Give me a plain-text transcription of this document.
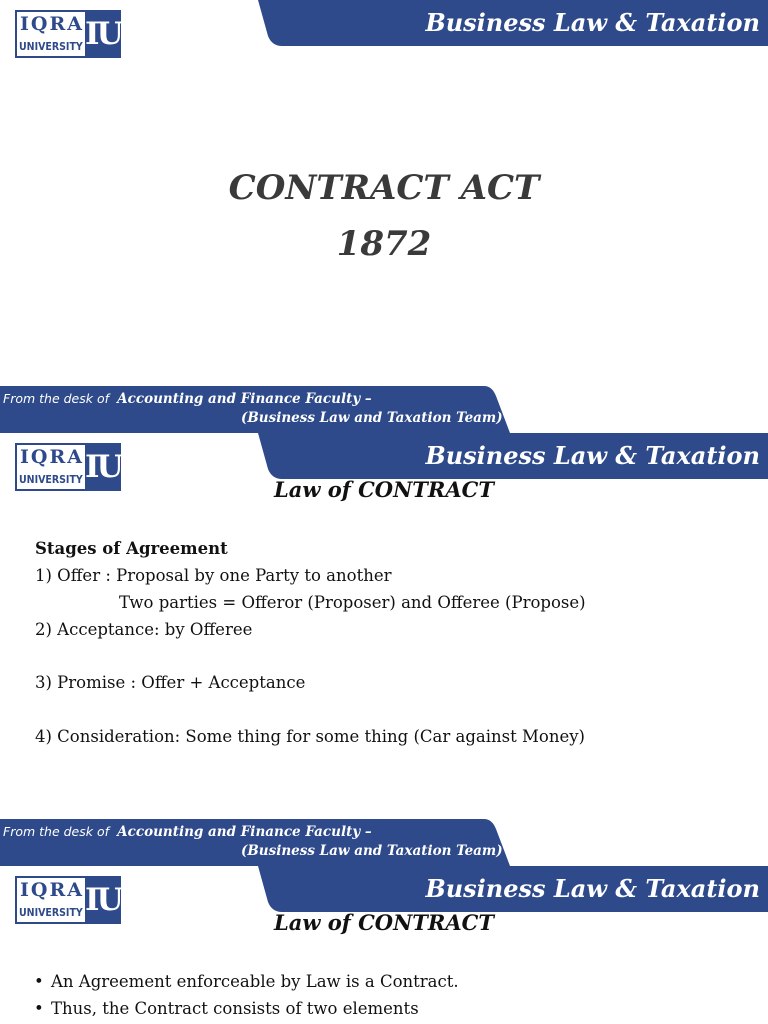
IQRA
UNIVERSITY IU	Business Law & Taxation
CONTRACT ACT
1872
From the desk of Accounting and Finance Faculty –
(Business Law and Taxation Team)
IQRA
UNIVERSITY IU	Business Law & Taxation
Law of CONTRACT
Stages of Agreement
1) Offer : Proposal by one Party to another
Two parties = Offeror (Proposer) and Offeree (Propose)
2) Acceptance: by Offeree
3) Promise : Offer + Acceptance
4) Consideration: Some thing for some thing (Car against Money)
From the desk of Accounting and Finance Faculty –
(Business Law and Taxation Team)
IQRA
UNIVERSITY IU	Business Law & Taxation
Law of CONTRACT
• An Agreement enforceable by Law is a Contract.
• Thus, the Contract consists of two elements
